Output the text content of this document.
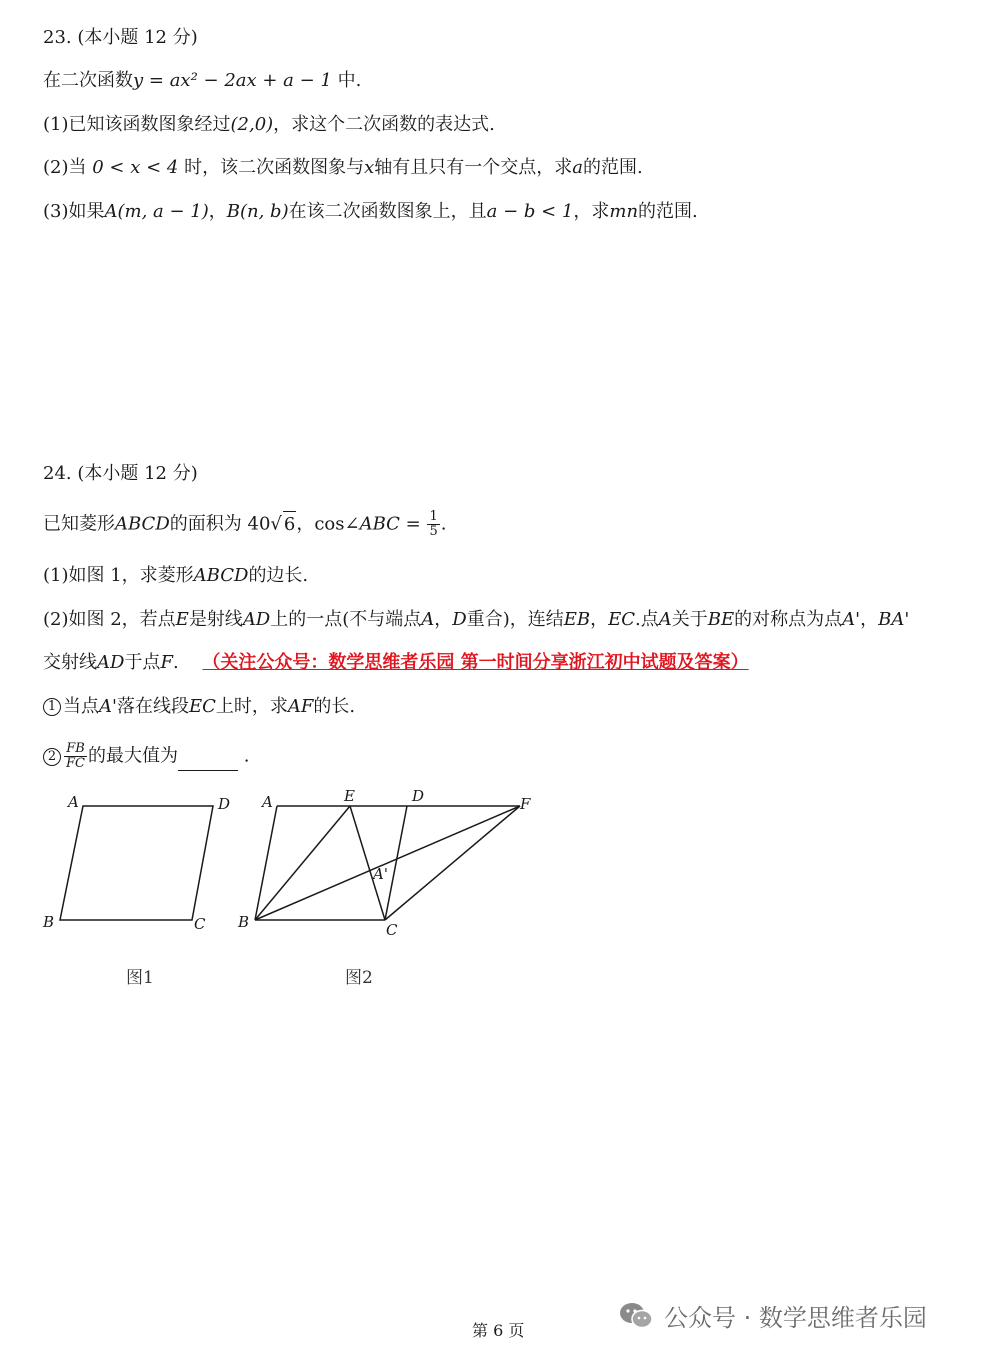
23. (本小题 12 分)
在二次函数y = ax² − 2ax + a − 1 中.
(1)已知该函数图象经过(2,0)，求这个二次函数的表达式.
(2)当 0 < x < 4 时，该二次函数图象与x轴有且只有一个交点，求a的范围.
(3)如果A(m, a − 1)，B(n, b)在该二次函数图象上，且a − b < 1，求mn的范围.
24. (本小题 12 分)
已知菱形ABCD的面积为 40√ 6，cos∠ABC = $\frac{1}{5}$ .
(1)如图 1，求菱形ABCD的边长.
(2)如图 2，若点E是射线AD上的一点(不与端点A，D重合)，连结EB，EC.点A关于BE的对称点为点A'，BA'
交射线AD于点F. （关注公众号：数学思维者乐园 第一时间分享浙江初中试题及答案）
1 当点A'落在线段EC上时，求AF的长.
$2 \frac{FB}{FC}$ 的最大值为	.
A	D
B	C
A	E	D	F
A'
B	C
图1	图2
第 6 页	公众号 · 数学思维者乐园
